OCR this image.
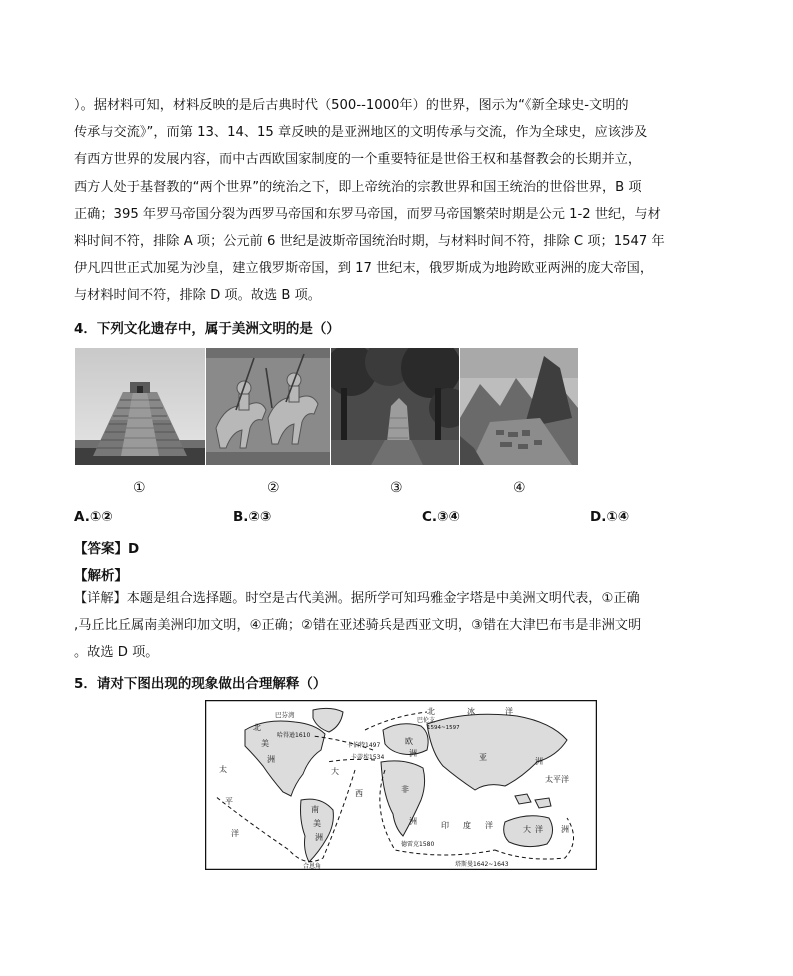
）。据材料可知，材料反映的是后古典时代（500--1000年）的世界，图示为“《新全球史-文明的
传承与交流》”，而第 13、14、15 章反映的是亚洲地区的文明传承与交流，作为全球史，应该涉及
有西方世界的发展内容，而中古西欧国家制度的一个重要特征是世俗王权和基督教会的长期并立，
西方人处于基督教的“两个世界”的统治之下，即上帝统治的宗教世界和国王统治的世俗世界，B 项
正确；395 年罗马帝国分裂为西罗马帝国和东罗马帝国，而罗马帝国繁荣时期是公元 1-2 世纪，与材
料时间不符，排除 A 项；公元前 6 世纪是波斯帝国统治时期，与材料时间不符，排除 C 项；1547 年
伊凡四世正式加冕为沙皇，建立俄罗斯帝国，到 17 世纪末，俄罗斯成为地跨欧亚两洲的庞大帝国，
与材料时间不符，排除 D 项。故选 B 项。
4．下列文化遗存中，属于美洲文明的是（）
①	②	③	④
A.①②	B.②③	C.③④	D.①④
【答案】D
【解析】
【详解】本题是组合选择题。时空是古代美洲。据所学可知玛雅金字塔是中美洲文明代表，①正确
,马丘比丘属南美洲印加文明，④正确；②错在亚述骑兵是西亚文明，③错在大津巴布韦是非洲文明
。故选 D 项。
5．请对下图出现的现象做出合理解释（）
北	冰	洋
巴伦支
1594~1597
巴芬湾
哈得逊1610
卡伯特1497
卡蒂埃1534
北
美
洲
太
平
洋
大
西
欧
洲	亚	洲
非
洲
南
美
洲
印 度 洋
太平洋
大 洋 洲
德雷克1580
塔斯曼1642~1643
合恩角
